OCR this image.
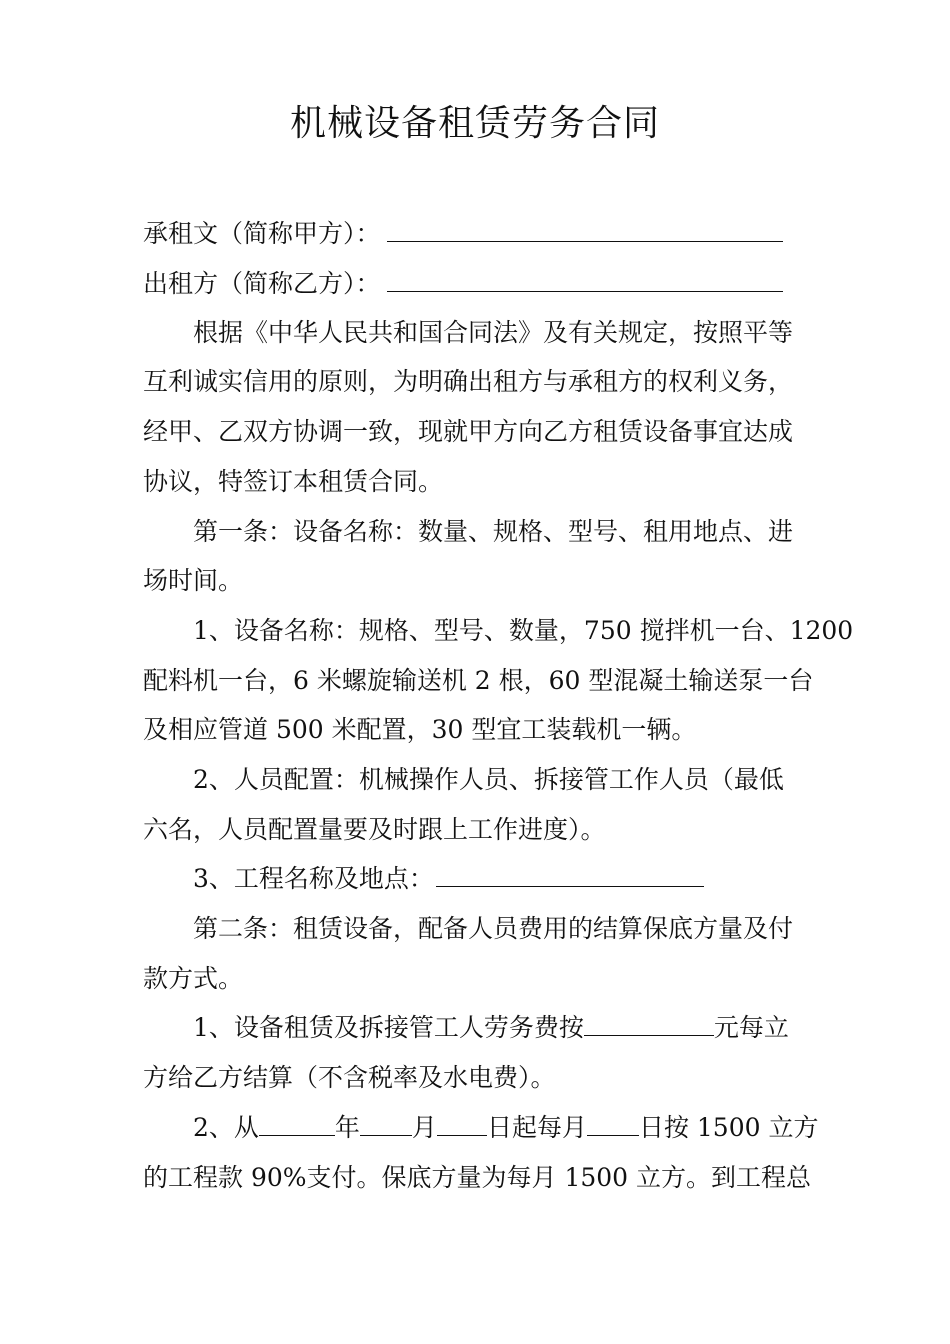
机械设备租赁劳务合同
承租文（简称甲方）：
出租方（简称乙方）：
根据《中华人民共和国合同法》及有关规定，按照平等
互利诚实信用的原则，为明确出租方与承租方的权利义务，
经甲、乙双方协调一致，现就甲方向乙方租赁设备事宜达成
协议，特签订本租赁合同。
第一条：设备名称：数量、规格、型号、租用地点、进
场时间。
1、设备名称：规格、型号、数量，750 搅拌机一台、1200
配料机一台，6 米螺旋输送机 2 根，60 型混凝土输送泵一台
及相应管道 500 米配置，30 型宜工装载机一辆。
2、人员配置：机械操作人员、拆接管工作人员（最低
六名，人员配置量要及时跟上工作进度）。
3、工程名称及地点：
第二条：租赁设备，配备人员费用的结算保底方量及付
款方式。
1、设备租赁及拆接管工人劳务费按	元每立
方给乙方结算（不含税率及水电费）。
2、从	年 月 日起每月 日按 1500 立方
的工程款 90%支付。保底方量为每月 1500 立方。到工程总
